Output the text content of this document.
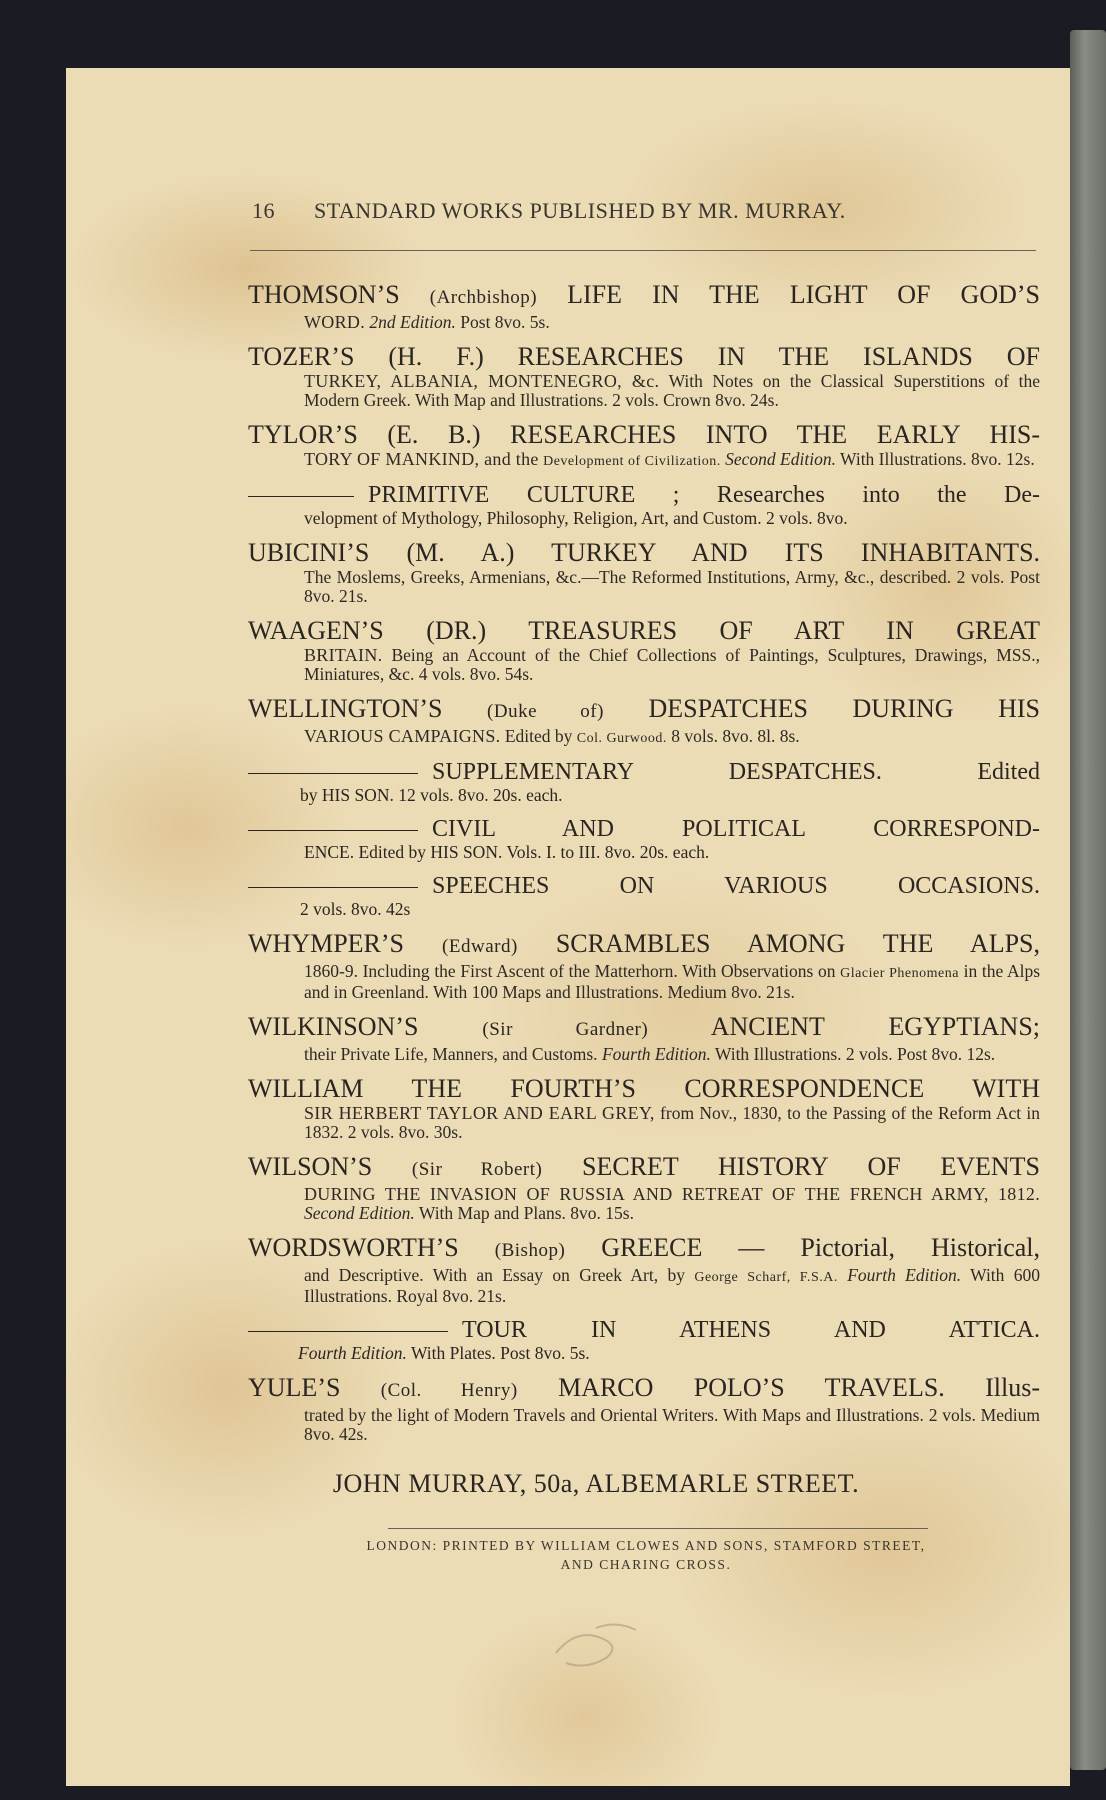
16 STANDARD WORKS PUBLISHED BY MR. MURRAY.
THOMSON’S (Archbishop) LIFE IN THE LIGHT OF GOD’S
WORD. 2nd Edition. Post 8vo. 5s.
TOZER’S (H. F.) RESEARCHES IN THE ISLANDS OF
TURKEY, ALBANIA, MONTENEGRO, &c. With Notes on the Classical Superstitions of the Modern Greek. With Map and Illustrations. 2 vols. Crown 8vo. 24s.
TYLOR’S (E. B.) RESEARCHES INTO THE EARLY HIS-
TORY OF MANKIND, and the Development of Civilization. Second Edition. With Illustrations. 8vo. 12s.
PRIMITIVE CULTURE ; Researches into the De-
velopment of Mythology, Philosophy, Religion, Art, and Custom. 2 vols. 8vo.
UBICINI’S (M. A.) TURKEY AND ITS INHABITANTS.
The Moslems, Greeks, Armenians, &c.—The Reformed Institutions, Army, &c., described. 2 vols. Post 8vo. 21s.
WAAGEN’S (DR.) TREASURES OF ART IN GREAT
BRITAIN. Being an Account of the Chief Collections of Paintings, Sculptures, Drawings, MSS., Miniatures, &c. 4 vols. 8vo. 54s.
WELLINGTON’S (Duke of) DESPATCHES DURING HIS
VARIOUS CAMPAIGNS. Edited by Col. Gurwood. 8 vols. 8vo. 8l. 8s.
SUPPLEMENTARY DESPATCHES. Edited
by HIS SON. 12 vols. 8vo. 20s. each.
CIVIL AND POLITICAL CORRESPOND-
ENCE. Edited by HIS SON. Vols. I. to III. 8vo. 20s. each.
SPEECHES ON VARIOUS OCCASIONS.
2 vols. 8vo. 42s
WHYMPER’S (Edward) SCRAMBLES AMONG THE ALPS,
1860-9. Including the First Ascent of the Matterhorn. With Observations on Glacier Phenomena in the Alps and in Greenland. With 100 Maps and Illustrations. Medium 8vo. 21s.
WILKINSON’S	(Sir Gardner) ANCIENT EGYPTIANS;
their Private Life, Manners, and Customs. Fourth Edition. With Illustrations. 2 vols. Post 8vo. 12s.
WILLIAM THE FOURTH’S CORRESPONDENCE WITH
SIR HERBERT TAYLOR AND EARL GREY, from Nov., 1830, to the Passing of the Reform Act in 1832. 2 vols. 8vo. 30s.
WILSON’S (Sir Robert) SECRET HISTORY OF EVENTS
DURING THE INVASION OF RUSSIA AND RETREAT OF THE FRENCH ARMY, 1812. Second Edition. With Map and Plans. 8vo. 15s.
WORDSWORTH’S (Bishop) GREECE — Pictorial, Historical,
and Descriptive. With an Essay on Greek Art, by George Scharf, F.S.A. Fourth Edition. With 600 Illustrations. Royal 8vo. 21s.
TOUR IN ATHENS AND ATTICA.
Fourth Edition. With Plates. Post 8vo. 5s.
YULE’S (Col. Henry) MARCO POLO’S TRAVELS. Illus-
trated by the light of Modern Travels and Oriental Writers. With Maps and Illustrations. 2 vols. Medium 8vo. 42s.
JOHN MURRAY, 50a, ALBEMARLE STREET.
LONDON: PRINTED BY WILLIAM CLOWES AND SONS, STAMFORD STREET,
AND CHARING CROSS.
